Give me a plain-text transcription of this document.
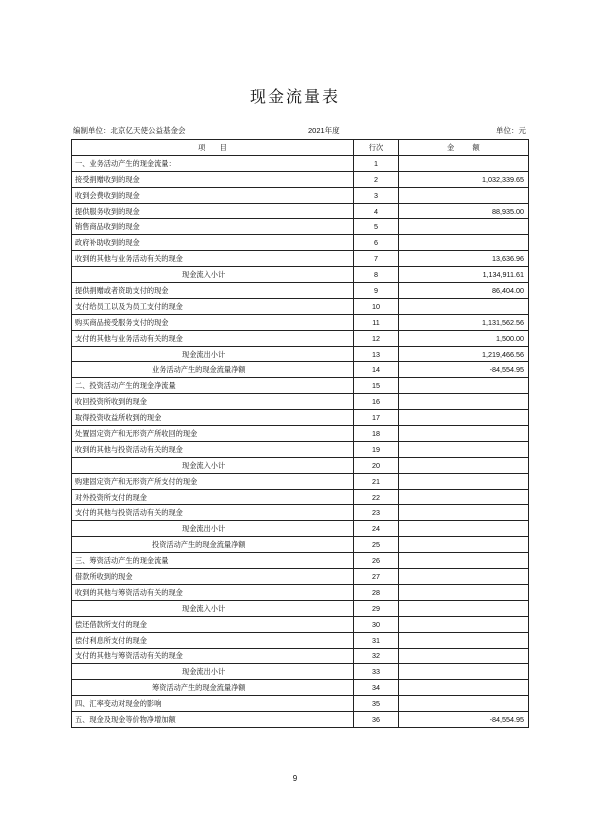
现金流量表
编制单位：北京亿天使公益基金会	2021年度	单位：元
项　　目	行次	金 额
一、业务活动产生的现金流量：	1	
接受捐赠收到的现金	2	1,032,339.65
收到会费收到的现金	3	
提供服务收到的现金	4	88,935.00
销售商品收到的现金	5	
政府补助收到的现金	6	
收到的其他与业务活动有关的现金	7	13,636.96
现金流入小计	8	1,134,911.61
提供捐赠或者资助支付的现金	9	86,404.00
支付给员工以及为员工支付的现金	10	
购买商品接受服务支付的现金	11	1,131,562.56
支付的其他与业务活动有关的现金	12	1,500.00
现金流出小计	13	1,219,466.56
业务活动产生的现金流量净额	14	-84,554.95
二、投资活动产生的现金净流量	15	
收回投资所收到的现金	16	
取得投资收益所收到的现金	17	
处置固定资产和无形资产所收回的现金	18	
收到的其他与投资活动有关的现金	19	
现金流入小计	20	
购建固定资产和无形资产所支付的现金	21	
对外投资所支付的现金	22	
支付的其他与投资活动有关的现金	23	
现金流出小计	24	
投资活动产生的现金流量净额	25	
三、筹资活动产生的现金流量	26	
借款所收到的现金	27	
收到的其他与筹资活动有关的现金	28	
现金流入小计	29	
偿还借款所支付的现金	30	
偿付利息所支付的现金	31	
支付的其他与筹资活动有关的现金	32	
现金流出小计	33	
筹资活动产生的现金流量净额	34	
四、汇率变动对现金的影响	35	
五、现金及现金等价物净增加额	36	-84,554.95
9
